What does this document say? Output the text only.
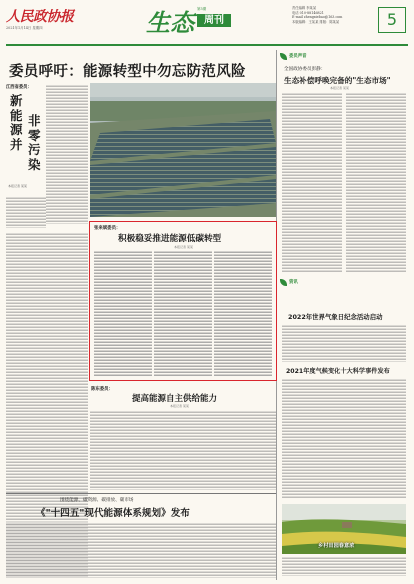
人民政协报
2021年1月14日 星期四	生态 第5期
周刊
责任编辑 李某某
电话 010-88146821
E-mail zhengxiebao@163.com
本版编辑：王某某 排版：陈某某	5
委员呼吁：能源转型中勿忘防范风险
江西省委员：
新
能
源
并
非
零
污
染
本报记者 某某
张来斌委员：
积极稳妥推进能源低碳转型
本报记者 某某
陈东委员：
提高能源自主供给能力
本报记者 某某
围绕能源、碳资源、碳排放、碳市场
《"十四五"现代能源体系规划》发布
委员声音
全国政协委员彭静：
生态补偿呼唤完备的"生态市场"
本报记者 某某
资讯
2022年世界气象日纪念活动启动
2021年度气候变化十大科学事件发布
乡村田园春意浓
